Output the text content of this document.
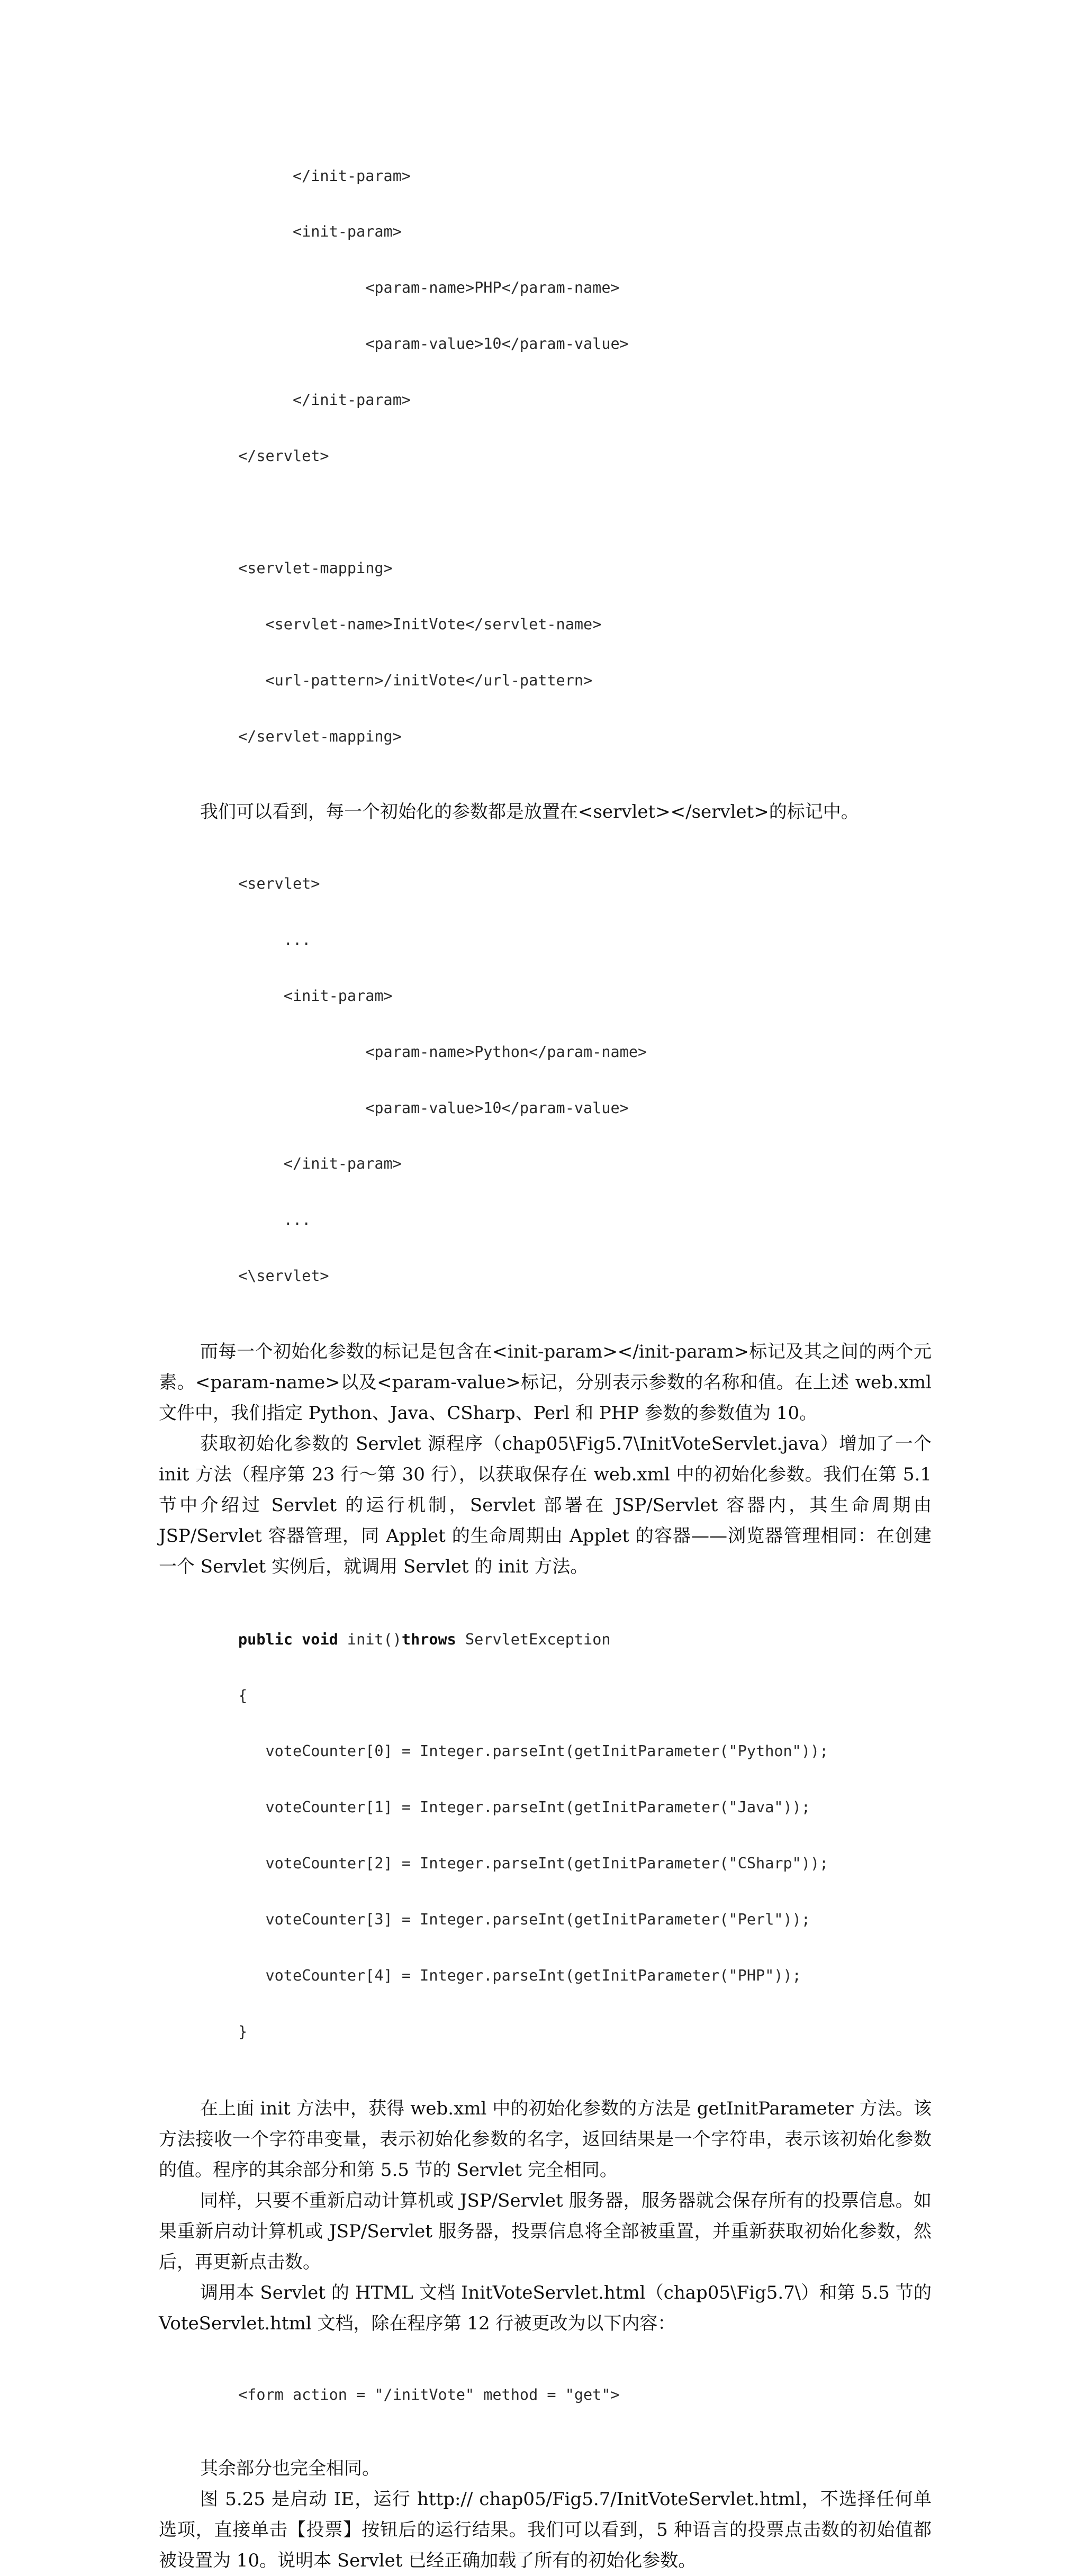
</init-param>

<init-param>

<param-name>PHP</param-name>

<param-value>10</param-value>

</init-param>

</servlet>

<servlet-mapping>

<servlet-name>InitVote</servlet-name>

<url-pattern>/initVote</url-pattern>

</servlet-mapping>

我们可以看到，每一个初始化的参数都是放置在<servlet></servlet>的标记中。

<servlet>

...

<init-param>

<param-name>Python</param-name>

<param-value>10</param-value>

</init-param>

...

<\servlet>

而每一个初始化参数的标记是包含在<init-param></init-param>标记及其之间的两个元素。<param-name>以及<param-value>标记，分别表示参数的名称和值。在上述 web.xml 文件中，我们指定 Python、Java、CSharp、Perl 和 PHP 参数的参数值为 10。

获取初始化参数的 Servlet 源程序（chap05\Fig5.7\InitVoteServlet.java）增加了一个 init 方法（程序第 23 行～第 30 行），以获取保存在 web.xml 中的初始化参数。我们在第 5.1 节中介绍过 Servlet 的运行机制，Servlet 部署在 JSP/Servlet 容器内，其生命周期由 JSP/Servlet 容器管理，同 Applet 的生命周期由 Applet 的容器——浏览器管理相同：在创建一个 Servlet 实例后，就调用 Servlet 的 init 方法。

public void init()throws ServletException

{

voteCounter[0] = Integer.parseInt(getInitParameter("Python"));

voteCounter[1] = Integer.parseInt(getInitParameter("Java"));

voteCounter[2] = Integer.parseInt(getInitParameter("CSharp"));

voteCounter[3] = Integer.parseInt(getInitParameter("Perl"));

voteCounter[4] = Integer.parseInt(getInitParameter("PHP"));

}

在上面 init 方法中，获得 web.xml 中的初始化参数的方法是 getInitParameter 方法。该方法接收一个字符串变量，表示初始化参数的名字，返回结果是一个字符串，表示该初始化参数的值。程序的其余部分和第 5.5 节的 Servlet 完全相同。

同样，只要不重新启动计算机或 JSP/Servlet 服务器，服务器就会保存所有的投票信息。如果重新启动计算机或 JSP/Servlet 服务器，投票信息将全部被重置，并重新获取初始化参数，然后，再更新点击数。

调用本 Servlet 的 HTML 文档 InitVoteServlet.html（chap05\Fig5.7\）和第 5.5 节的 VoteServlet.html 文档，除在程序第 12 行被更改为以下内容：

<form action = "/initVote" method = "get">

其余部分也完全相同。

图 5.25 是启动 IE，运行 http:// chap05/Fig5.7/InitVoteServlet.html，不选择任何单选项，直接单击【投票】按钮后的运行结果。我们可以看到，5 种语言的投票点击数的初始值都被设置为 10。说明本 Servlet 已经正确加载了所有的初始化参数。
